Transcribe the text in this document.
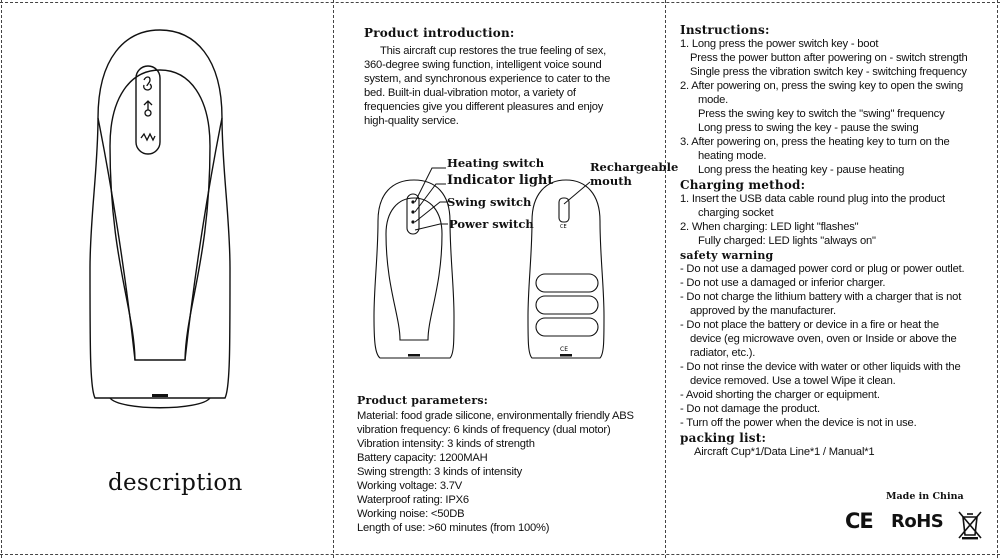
description
Product introduction:
This aircraft cup restores the true feeling of sex,
360-degree swing function, intelligent voice sound
system, and synchronous experience to cater to the
bed. Built-in dual-vibration motor, a variety of
frequencies give you different pleasures and enjoy
high-quality service.
Heating switch
Indicator light
Swing switch
Power switch	CE
CE
Rechargeable
mouth
Product parameters:
Material: food grade silicone, environmentally friendly ABS
vibration frequency: 6 kinds of frequency (dual motor)
Vibration intensity: 3 kinds of strength
Battery capacity: 1200MAH
Swing strength: 3 kinds of intensity
Working voltage: 3.7V
Waterproof rating: IPX6
Working noise: <50DB
Length of use: >60 minutes (from 100%)
Instructions:
1. Long press the power switch key - boot
Press the power button after powering on - switch strength
Single press the vibration switch key - switching frequency
2. After powering on, press the swing key to open the swing
mode.
Press the swing key to switch the "swing" frequency
Long press to swing the key - pause the swing
3. After powering on, press the heating key to turn on the
heating mode.
Long press the heating key - pause heating
Charging method:
1. Insert the USB data cable round plug into the product
charging socket
2. When charging: LED light "flashes"
Fully charged: LED lights "always on"
safety warning
- Do not use a damaged power cord or plug or power outlet.
- Do not use a damaged or inferior charger.
- Do not charge the lithium battery with a charger that is not
approved by the manufacturer.
- Do not place the battery or device in a fire or heat the
device (eg microwave oven, oven or Inside or above the
radiator, etc.).
- Do not rinse the device with water or other liquids with the
device removed. Use a towel Wipe it clean.
- Avoid shorting the charger or equipment.
- Do not damage the product.
- Turn off the power when the device is not in use.
packing list:
Aircraft Cup*1/Data Line*1 / Manual*1
Made in China
CE RoHS
